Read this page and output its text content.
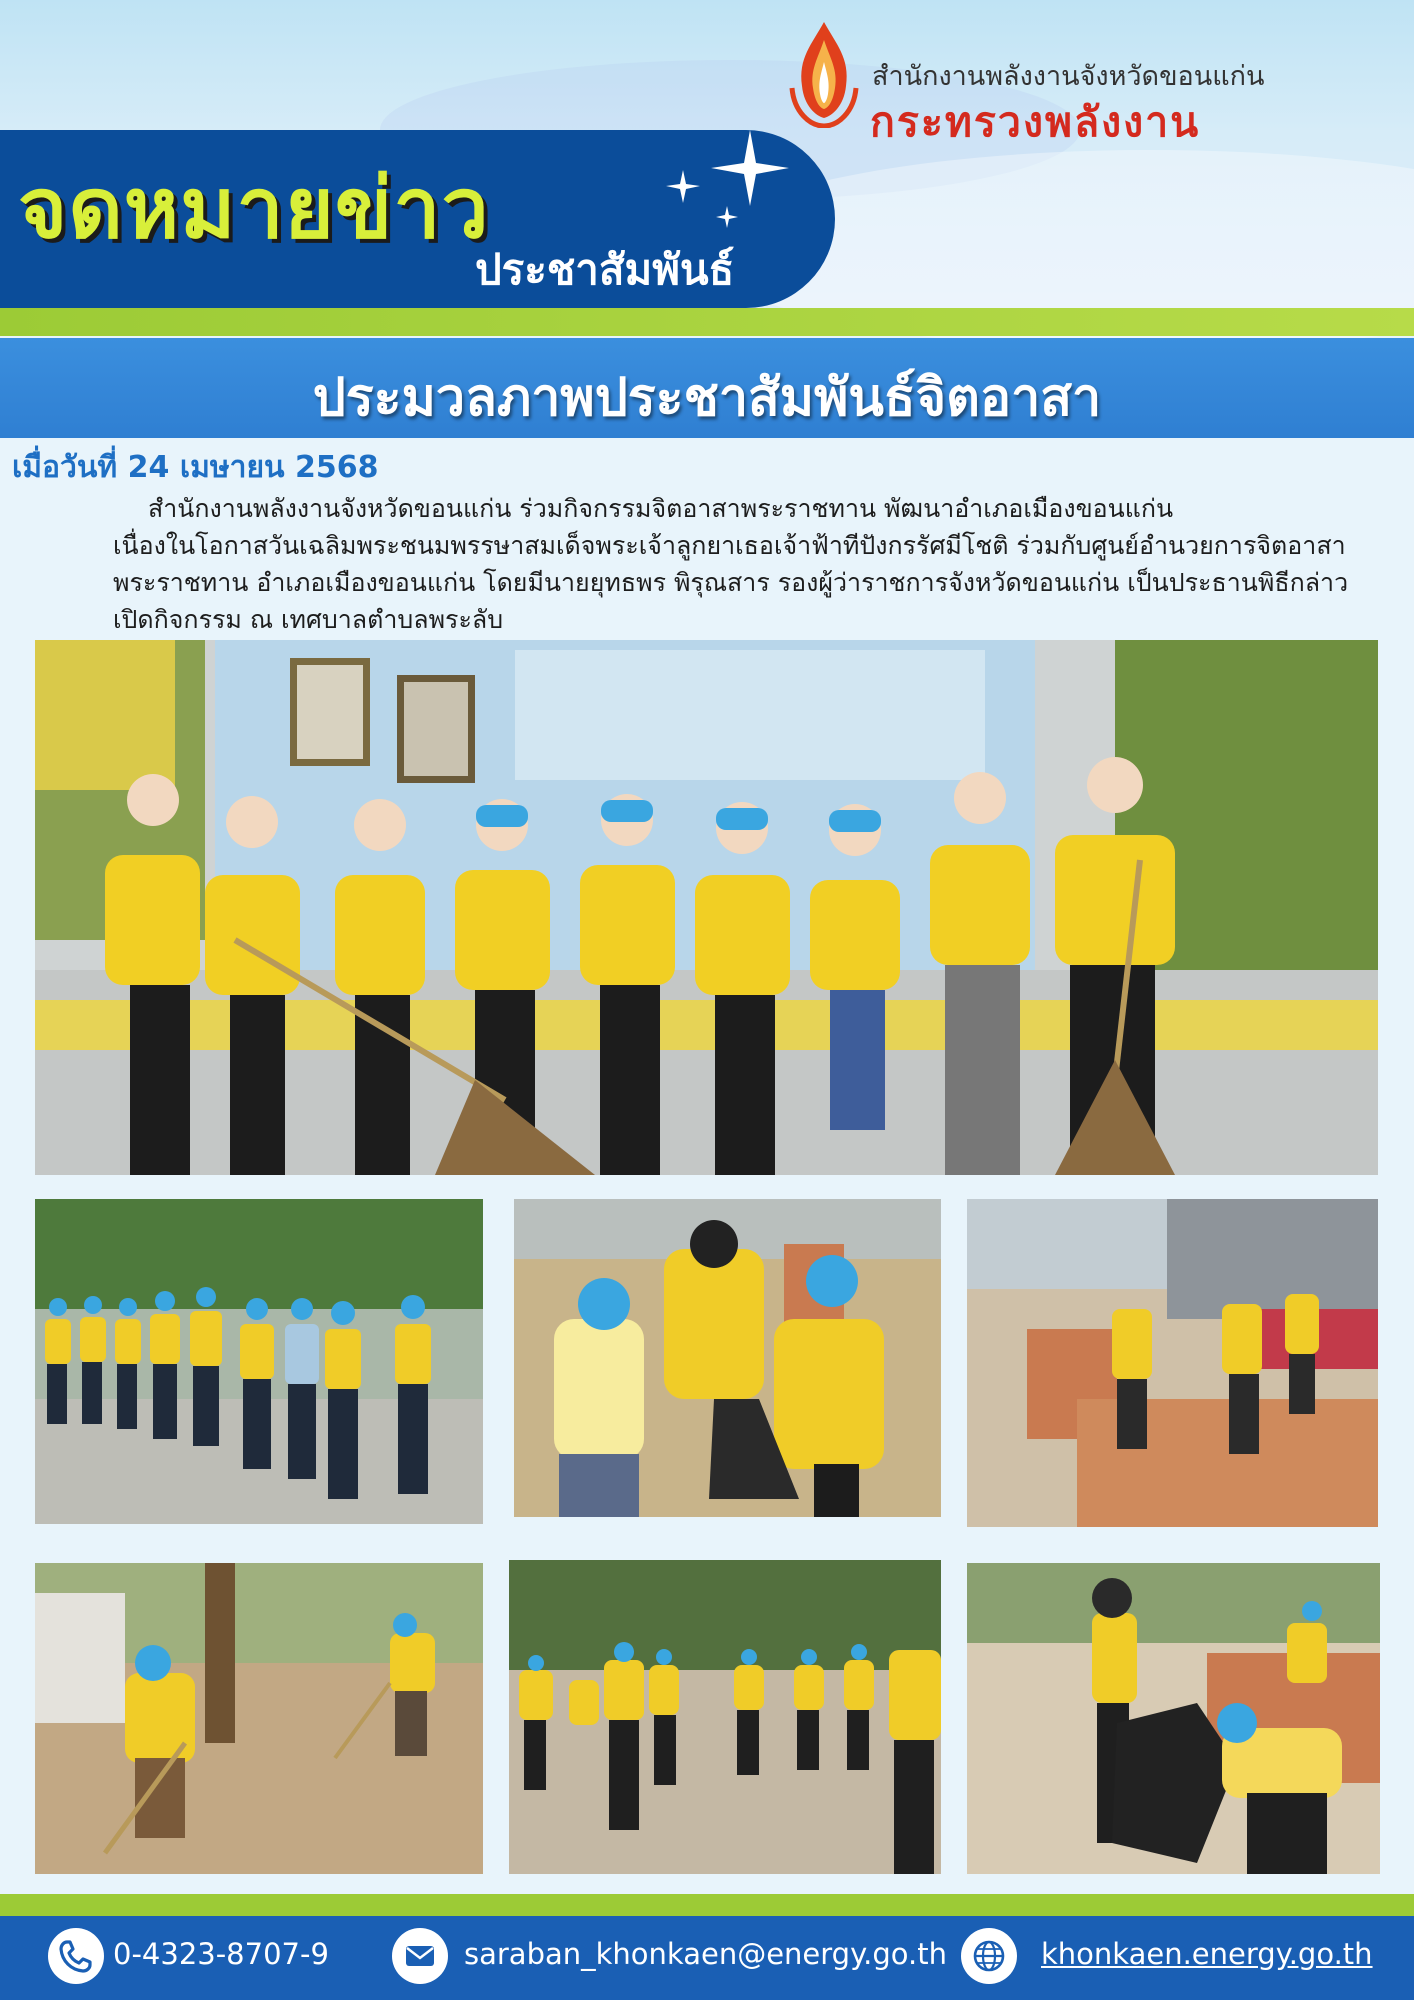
สำนักงานพลังงานจังหวัดขอนแก่น
กระทรวงพลังงาน
จดหมายข่าว
ประชาสัมพันธ์
ประมวลภาพประชาสัมพันธ์จิตอาสา
เมื่อวันที่ 24 เมษายน 2568

สำนักงานพลังงานจังหวัดขอนแก่น ร่วมกิจกรรมจิตอาสาพระราชทาน พัฒนาอำเภอเมืองขอนแก่น

เนื่องในโอกาสวันเฉลิมพระชนมพรรษาสมเด็จพระเจ้าลูกยาเธอเจ้าฟ้าทีปังกรรัศมีโชติ ร่วมกับศูนย์อำนวยการจิตอาสา

พระราชทาน อำเภอเมืองขอนแก่น โดยมีนายยุทธพร พิรุณสาร รองผู้ว่าราชการจังหวัดขอนแก่น เป็นประธานพิธีกล่าว

เปิดกิจกรรม ณ เทศบาลตำบลพระลับ

0-4323-8707-9	saraban_khonkaen@energy.go.th	khonkaen.energy.go.th
